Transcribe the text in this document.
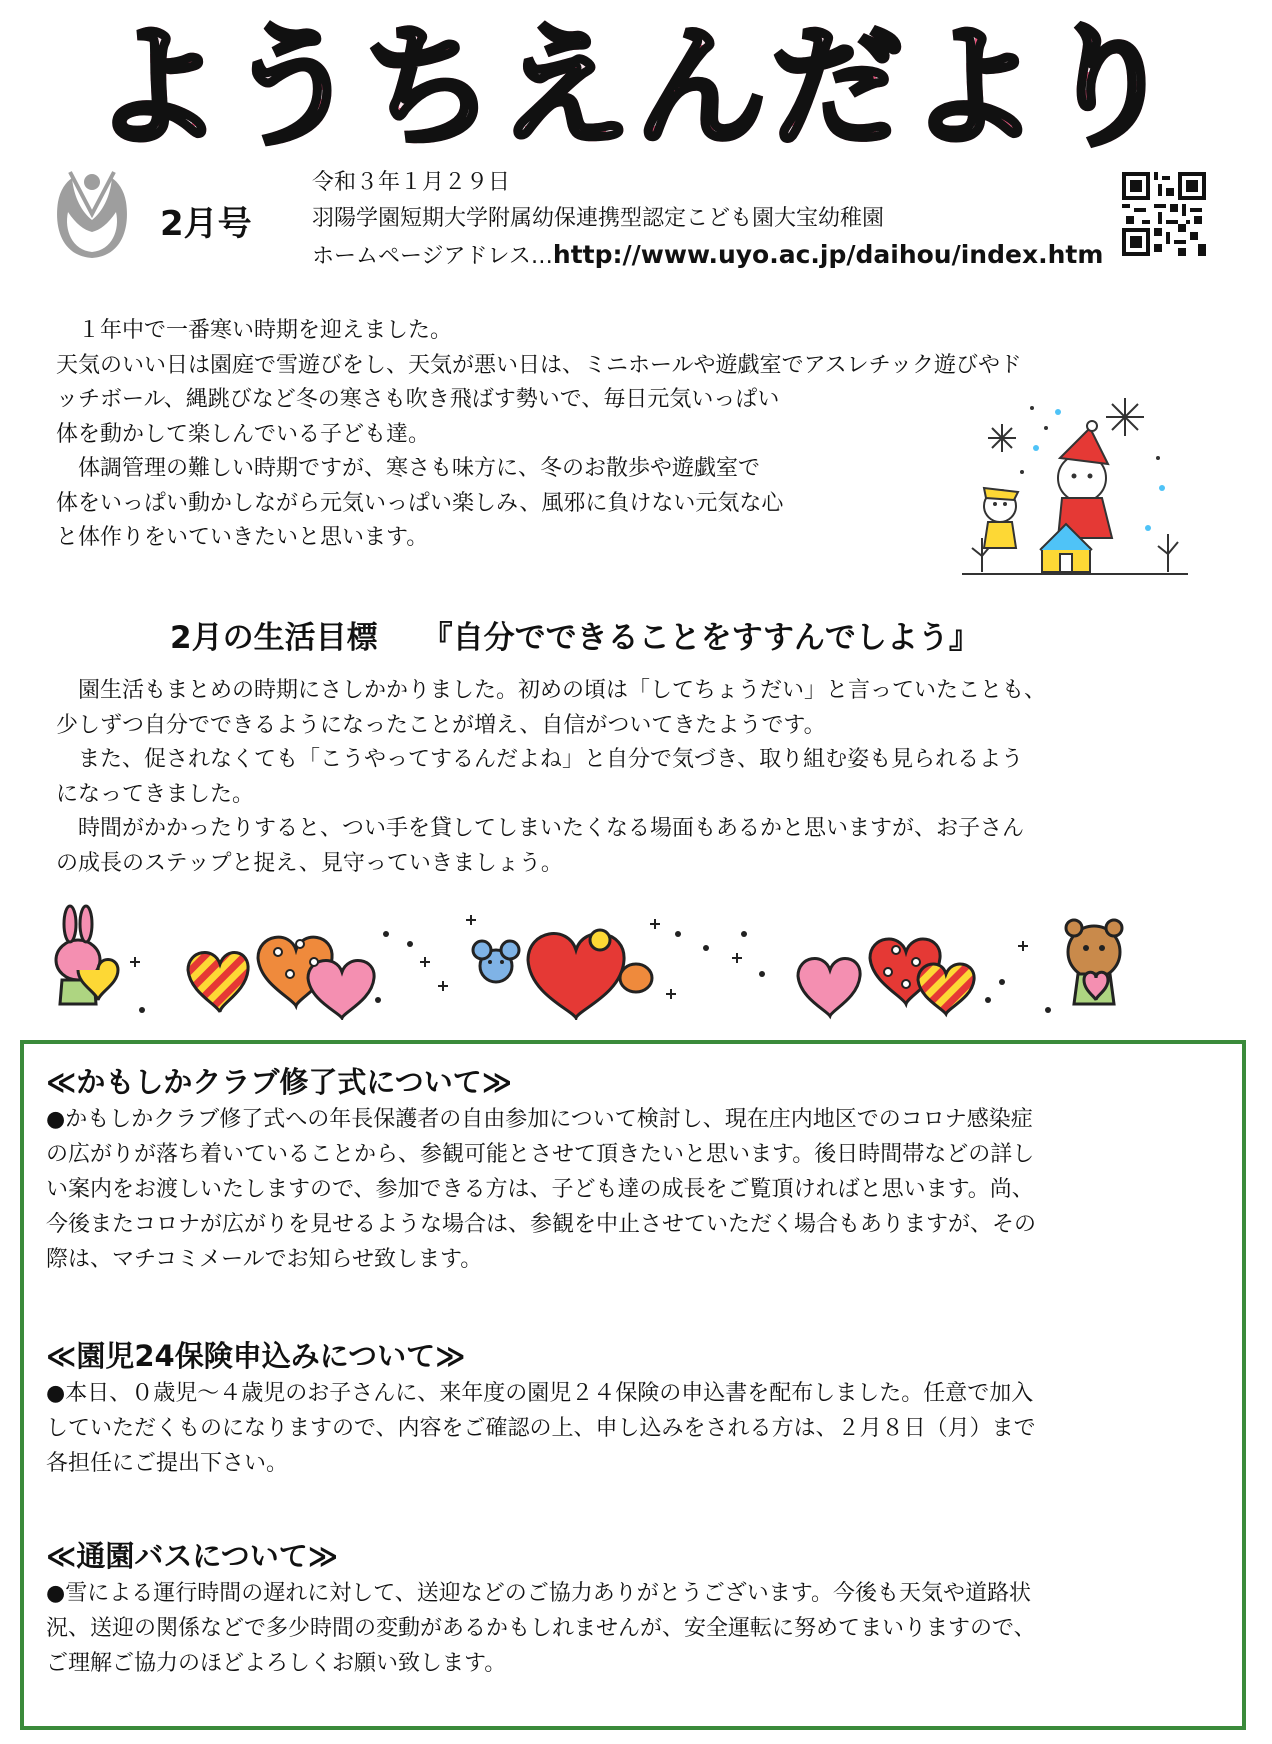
ようちえんだより
2月号
令和３年１月２９日
羽陽学園短期大学附属幼保連携型認定こども園大宝幼稚園
ホームページアドレス…http://www.uyo.ac.jp/daihou/index.htm

　１年中で一番寒い時期を迎えました。

天気のいい日は園庭で雪遊びをし、天気が悪い日は、ミニホールや遊戯室でアスレチック遊びやド

ッチボール、縄跳びなど冬の寒さも吹き飛ばす勢いで、毎日元気いっぱい

体を動かして楽しんでいる子ども達。

　体調管理の難しい時期ですが、寒さも味方に、冬のお散歩や遊戯室で

体をいっぱい動かしながら元気いっぱい楽しみ、風邪に負けない元気な心

と体作りをいていきたいと思います。

2月の生活目標 『自分でできることをすすんでしよう』

　園生活もまとめの時期にさしかかりました。初めの頃は「してちょうだい」と言っていたことも、

少しずつ自分でできるようになったことが増え、自信がついてきたようです。

　また、促されなくても「こうやってするんだよね」と自分で気づき、取り組む姿も見られるよう

になってきました。

　時間がかかったりすると、つい手を貸してしまいたくなる場面もあるかと思いますが、お子さん

の成長のステップと捉え、見守っていきましょう。

≪かもしかクラブ修了式について≫

●かもしかクラブ修了式への年長保護者の自由参加について検討し、現在庄内地区でのコロナ感染症

の広がりが落ち着いていることから、参観可能とさせて頂きたいと思います。後日時間帯などの詳し

い案内をお渡しいたしますので、参加できる方は、子ども達の成長をご覧頂ければと思います。尚、

今後またコロナが広がりを見せるような場合は、参観を中止させていただく場合もありますが、その

際は、マチコミメールでお知らせ致します。

≪園児24保険申込みについて≫

●本日、０歳児～４歳児のお子さんに、来年度の園児２４保険の申込書を配布しました。任意で加入

していただくものになりますので、内容をご確認の上、申し込みをされる方は、２月８日（月）まで

各担任にご提出下さい。

≪通園バスについて≫

●雪による運行時間の遅れに対して、送迎などのご協力ありがとうございます。今後も天気や道路状

況、送迎の関係などで多少時間の変動があるかもしれませんが、安全運転に努めてまいりますので、

ご理解ご協力のほどよろしくお願い致します。
